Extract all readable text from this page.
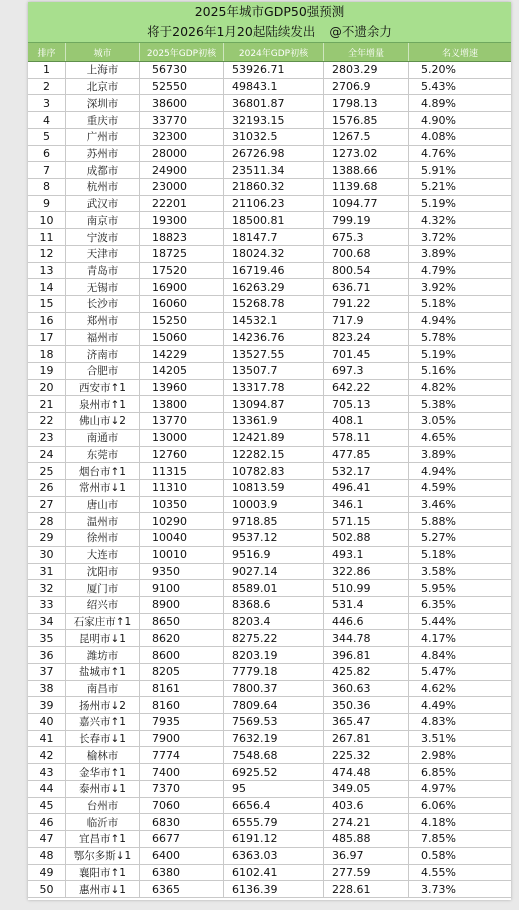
2025年城市GDP50强预测
将于2026年1月20起陆续发出 @不遗余力
排序	城市	2025年GDP初核	2024年GDP初核	全年增量	名义增速
1	上海市	56730	53926.71	2803.29	5.20%
2	北京市	52550	49843.1	2706.9	5.43%
3	深圳市	38600	36801.87	1798.13	4.89%
4	重庆市	33770	32193.15	1576.85	4.90%
5	广州市	32300	31032.5	1267.5	4.08%
6	苏州市	28000	26726.98	1273.02	4.76%
7	成都市	24900	23511.34	1388.66	5.91%
8	杭州市	23000	21860.32	1139.68	5.21%
9	武汉市	22201	21106.23	1094.77	5.19%
10	南京市	19300	18500.81	799.19	4.32%
11	宁波市	18823	18147.7	675.3	3.72%
12	天津市	18725	18024.32	700.68	3.89%
13	青岛市	17520	16719.46	800.54	4.79%
14	无锡市	16900	16263.29	636.71	3.92%
15	长沙市	16060	15268.78	791.22	5.18%
16	郑州市	15250	14532.1	717.9	4.94%
17	福州市	15060	14236.76	823.24	5.78%
18	济南市	14229	13527.55	701.45	5.19%
19	合肥市	14205	13507.7	697.3	5.16%
20	西安市↑1	13960	13317.78	642.22	4.82%
21	泉州市↑1	13800	13094.87	705.13	5.38%
22	佛山市↓2	13770	13361.9	408.1	3.05%
23	南通市	13000	12421.89	578.11	4.65%
24	东莞市	12760	12282.15	477.85	3.89%
25	烟台市↑1	11315	10782.83	532.17	4.94%
26	常州市↓1	11310	10813.59	496.41	4.59%
27	唐山市	10350	10003.9	346.1	3.46%
28	温州市	10290	9718.85	571.15	5.88%
29	徐州市	10040	9537.12	502.88	5.27%
30	大连市	10010	9516.9	493.1	5.18%
31	沈阳市	9350	9027.14	322.86	3.58%
32	厦门市	9100	8589.01	510.99	5.95%
33	绍兴市	8900	8368.6	531.4	6.35%
34	石家庄市↑1	8650	8203.4	446.6	5.44%
35	昆明市↓1	8620	8275.22	344.78	4.17%
36	潍坊市	8600	8203.19	396.81	4.84%
37	盐城市↑1	8205	7779.18	425.82	5.47%
38	南昌市	8161	7800.37	360.63	4.62%
39	扬州市↓2	8160	7809.64	350.36	4.49%
40	嘉兴市↑1	7935	7569.53	365.47	4.83%
41	长春市↓1	7900	7632.19	267.81	3.51%
42	榆林市	7774	7548.68	225.32	2.98%
43	金华市↑1	7400	6925.52	474.48	6.85%
44	泰州市↓1	7370	95	349.05	4.97%
45	台州市	7060	6656.4	403.6	6.06%
46	临沂市	6830	6555.79	274.21	4.18%
47	宜昌市↑1	6677	6191.12	485.88	7.85%
48	鄂尔多斯↓1	6400	6363.03	36.97	0.58%
49	襄阳市↑1	6380	6102.41	277.59	4.55%
50	惠州市↓1	6365	6136.39	228.61	3.73%
